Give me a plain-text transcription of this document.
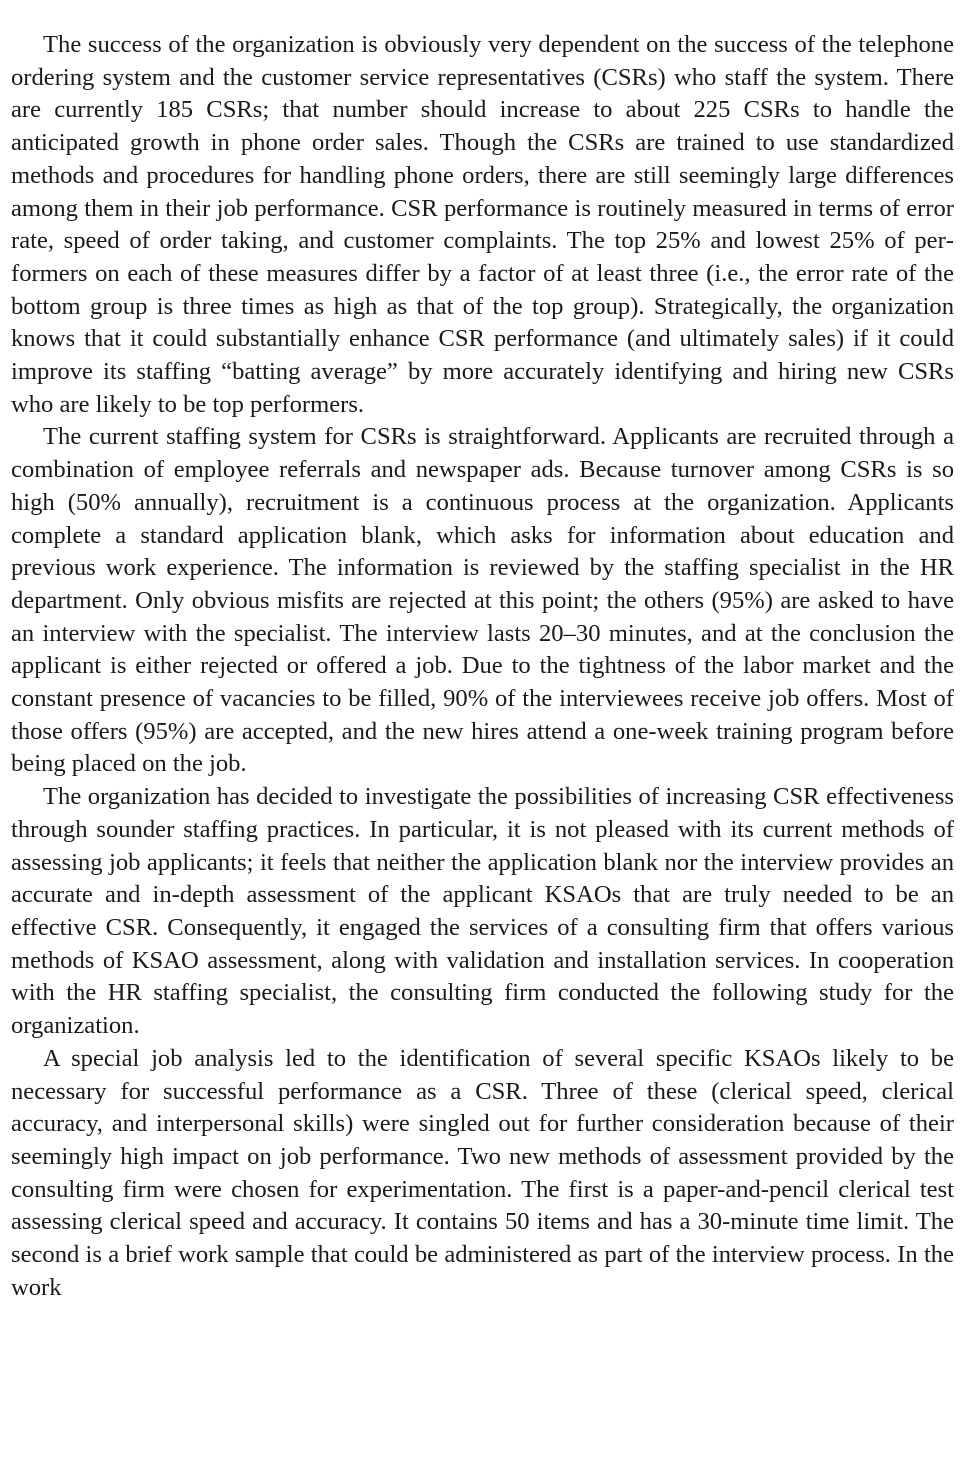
The success of the organization is obviously very dependent on the success of the telephone ordering system and the customer service representatives (CSRs) who staff the system. There are currently 185 CSRs; that number should increase to about 225 CSRs to handle the anticipated growth in phone order sales. Though the CSRs are trained to use standardized methods and procedures for handling phone orders, there are still seemingly large differences among them in their job performance. CSR performance is routinely measured in terms of error rate, speed of order taking, and customer complaints. The top 25% and lowest 25% of performers on each of these measures differ by a factor of at least three (i.e., the error rate of the bottom group is three times as high as that of the top group). Strategically, the organization knows that it could substantially enhance CSR performance (and ultimately sales) if it could improve its staffing “batting average” by more accurately identifying and hiring new CSRs who are likely to be top performers.

The current staffing system for CSRs is straightforward. Applicants are recruited through a combination of employee referrals and newspaper ads. Because turnover among CSRs is so high (50% annually), recruitment is a continuous process at the organization. Applicants complete a standard application blank, which asks for information about education and previous work experience. The information is reviewed by the staffing specialist in the HR department. Only obvious misfits are rejected at this point; the others (95%) are asked to have an interview with the specialist. The interview lasts 20–30 minutes, and at the conclusion the applicant is either rejected or offered a job. Due to the tightness of the labor market and the constant presence of vacancies to be filled, 90% of the interviewees receive job offers. Most of those offers (95%) are accepted, and the new hires attend a one-week training program before being placed on the job.

The organization has decided to investigate the possibilities of increasing CSR effectiveness through sounder staffing practices. In particular, it is not pleased with its current methods of assessing job applicants; it feels that neither the application blank nor the interview provides an accurate and in-depth assessment of the applicant KSAOs that are truly needed to be an effective CSR. Consequently, it engaged the services of a consulting firm that offers various methods of KSAO assessment, along with validation and installation services. In cooperation with the HR staffing specialist, the consulting firm conducted the following study for the organization.

A special job analysis led to the identification of several specific KSAOs likely to be necessary for successful performance as a CSR. Three of these (clerical speed, clerical accuracy, and interpersonal skills) were singled out for further consideration because of their seemingly high impact on job performance. Two new methods of assessment provided by the consulting firm were chosen for experimentation. The first is a paper-and-pencil clerical test assessing clerical speed and accuracy. It contains 50 items and has a 30-minute time limit. The second is a brief work sample that could be administered as part of the interview process. In the work
